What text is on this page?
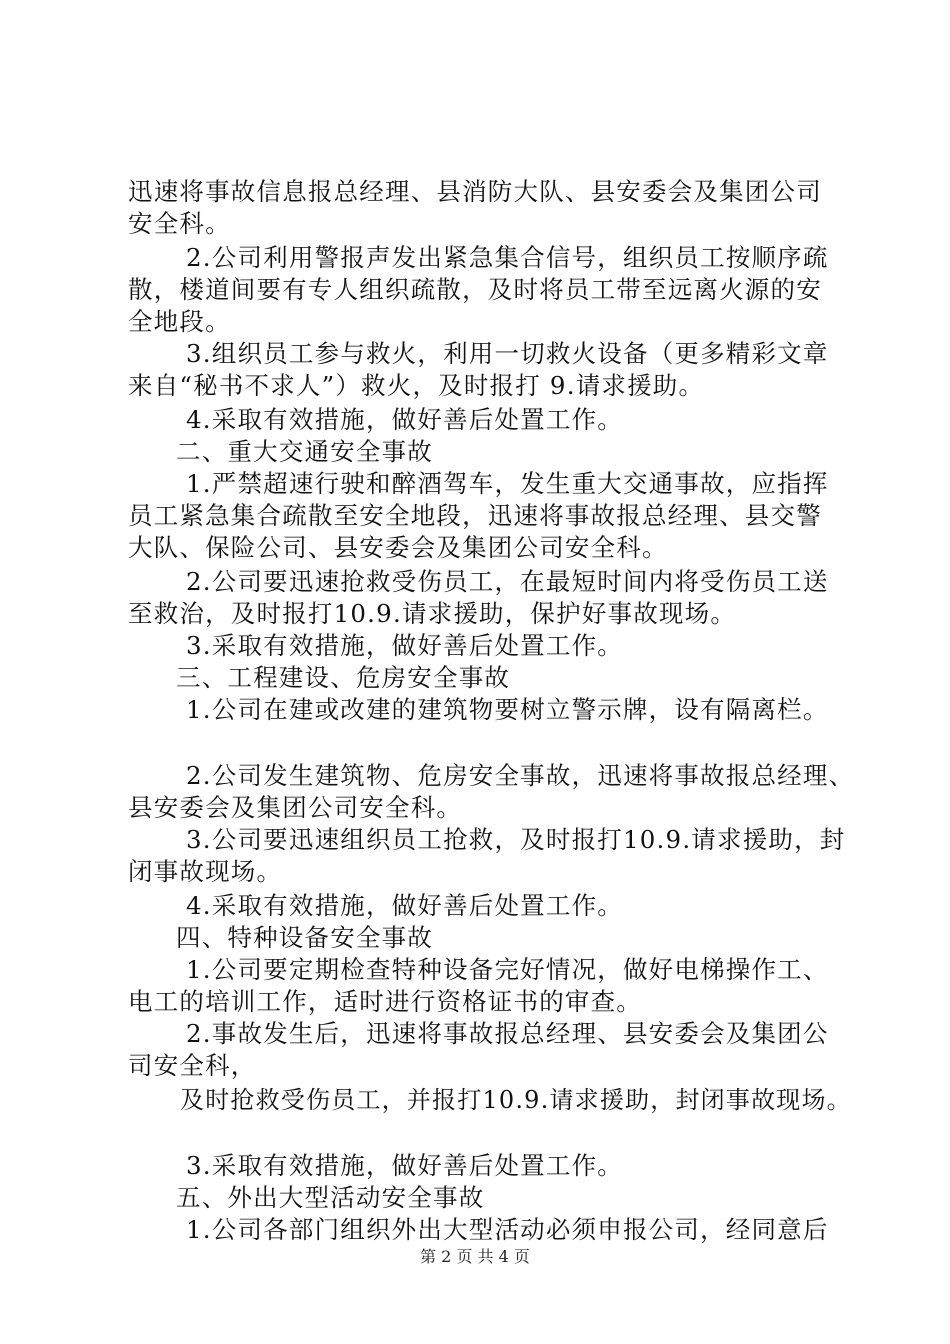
迅速将事故信息报总经理、县消防大队、县安委会及集团公司
安全科。
2.公司利用警报声发出紧急集合信号，组织员工按顺序疏
散，楼道间要有专人组织疏散，及时将员工带至远离火源的安
全地段。
3.组织员工参与救火，利用一切救火设备（更多精彩文章
来自“秘书不求人”）救火，及时报打 9.请求援助。
4.采取有效措施，做好善后处置工作。
二、重大交通安全事故
1.严禁超速行驶和醉酒驾车，发生重大交通事故，应指挥
员工紧急集合疏散至安全地段，迅速将事故报总经理、县交警
大队、保险公司、县安委会及集团公司安全科。
2.公司要迅速抢救受伤员工，在最短时间内将受伤员工送
至救治，及时报打10.9.请求援助，保护好事故现场。
3.采取有效措施，做好善后处置工作。
三、工程建设、危房安全事故
1.公司在建或改建的建筑物要树立警示牌，设有隔离栏。
2.公司发生建筑物、危房安全事故，迅速将事故报总经理、
县安委会及集团公司安全科。
3.公司要迅速组织员工抢救，及时报打10.9.请求援助，封
闭事故现场。
4.采取有效措施，做好善后处置工作。
四、特种设备安全事故
1.公司要定期检查特种设备完好情况，做好电梯操作工、
电工的培训工作，适时进行资格证书的审查。
2.事故发生后，迅速将事故报总经理、县安委会及集团公
司安全科，
及时抢救受伤员工，并报打10.9.请求援助，封闭事故现场。
3.采取有效措施，做好善后处置工作。
五、外出大型活动安全事故
1.公司各部门组织外出大型活动必须申报公司，经同意后
第 2 页 共 4 页
